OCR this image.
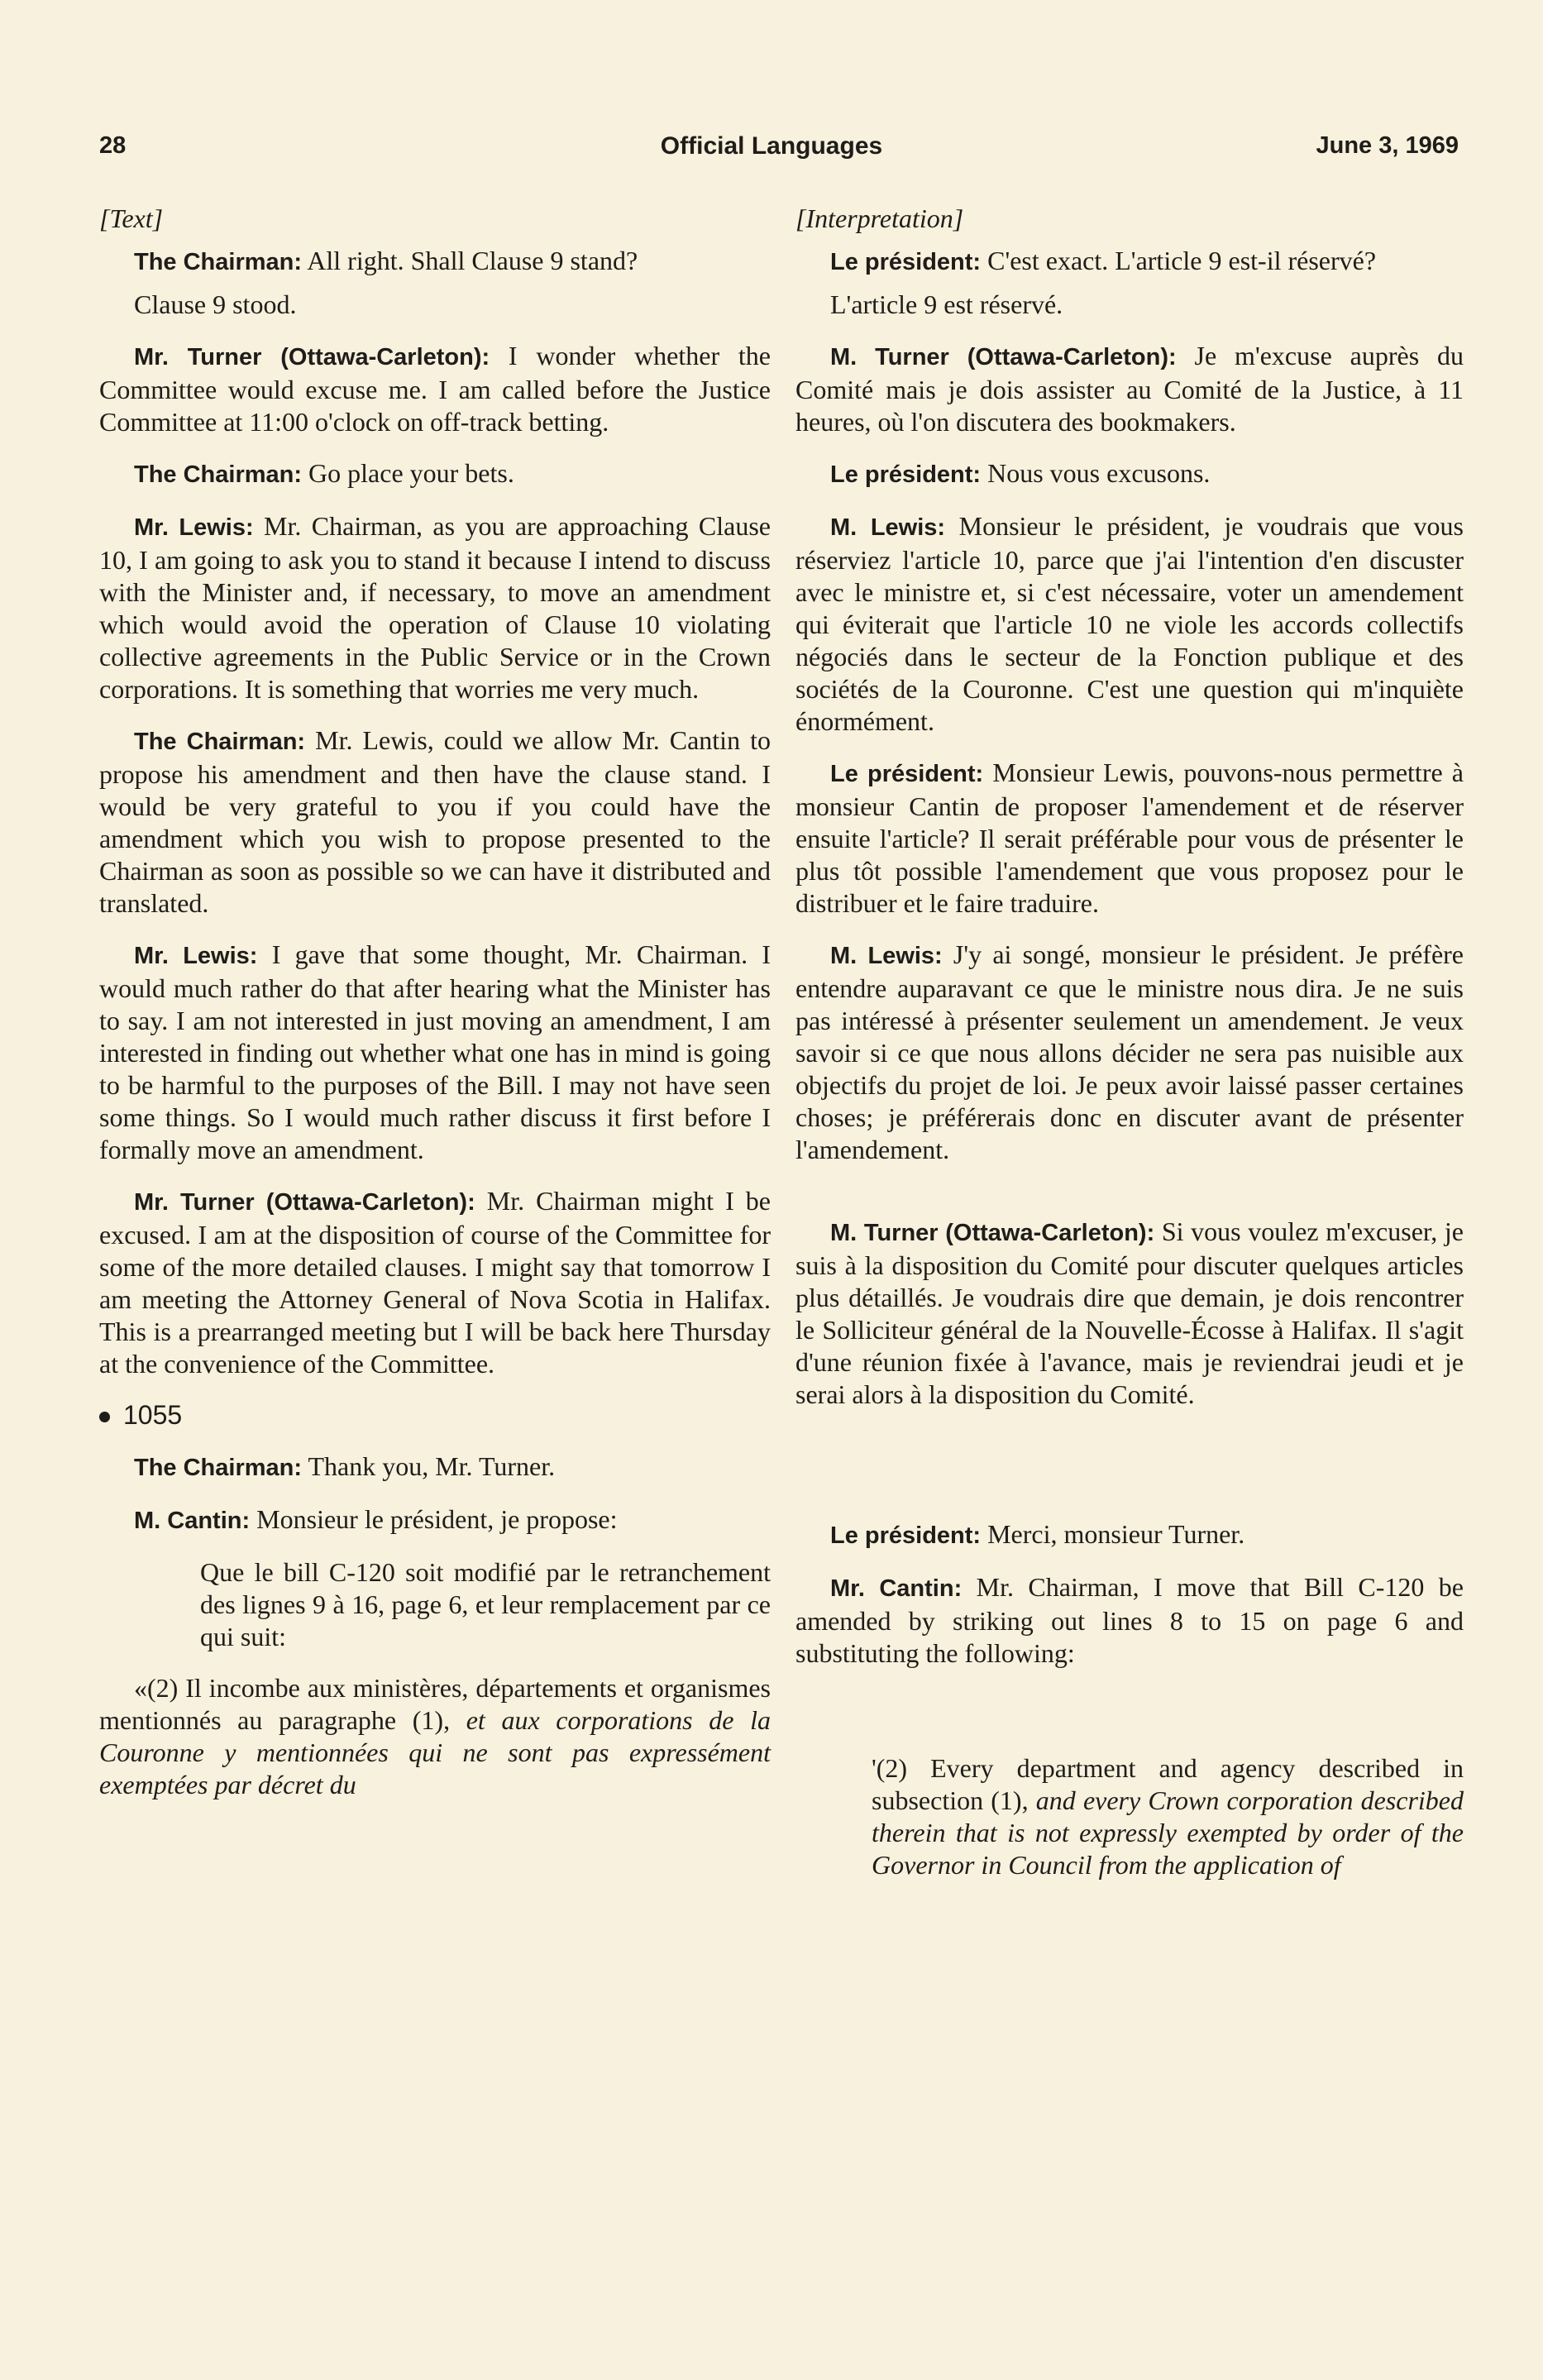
28	Official Languages	June 3, 1969

[Text]

The Chairman: All right. Shall Clause 9 stand?

Clause 9 stood.

Mr. Turner (Ottawa-Carleton): I wonder whether the Committee would excuse me. I am called before the Justice Committee at 11:00 o'clock on off-track betting.

The Chairman: Go place your bets.

Mr. Lewis: Mr. Chairman, as you are approaching Clause 10, I am going to ask you to stand it because I intend to discuss with the Minister and, if necessary, to move an amendment which would avoid the operation of Clause 10 violating collective agreements in the Public Service or in the Crown corporations. It is something that worries me very much.

The Chairman: Mr. Lewis, could we allow Mr. Cantin to propose his amendment and then have the clause stand. I would be very grateful to you if you could have the amendment which you wish to propose presented to the Chairman as soon as possible so we can have it distributed and translated.

Mr. Lewis: I gave that some thought, Mr. Chairman. I would much rather do that after hearing what the Minister has to say. I am not interested in just moving an amendment, I am interested in finding out whether what one has in mind is going to be harmful to the purposes of the Bill. I may not have seen some things. So I would much rather discuss it first before I formally move an amendment.

Mr. Turner (Ottawa-Carleton): Mr. Chairman might I be excused. I am at the disposition of course of the Committee for some of the more detailed clauses. I might say that tomorrow I am meeting the Attorney General of Nova Scotia in Halifax. This is a prearranged meeting but I will be back here Thursday at the convenience of the Committee.

1055

The Chairman: Thank you, Mr. Turner.

M. Cantin: Monsieur le président, je propose:

Que le bill C-120 soit modifié par le retranchement des lignes 9 à 16, page 6, et leur remplacement par ce qui suit:

«(2) Il incombe aux ministères, départements et organismes mentionnés au paragraphe (1), et aux corporations de la Couronne y mentionnées qui ne sont pas expressément exemptées par décret du

[Interpretation]

Le président: C'est exact. L'article 9 est-il réservé?

L'article 9 est réservé.

M. Turner (Ottawa-Carleton): Je m'excuse auprès du Comité mais je dois assister au Comité de la Justice, à 11 heures, où l'on discutera des bookmakers.

Le président: Nous vous excusons.

M. Lewis: Monsieur le président, je voudrais que vous réserviez l'article 10, parce que j'ai l'intention d'en discuster avec le ministre et, si c'est nécessaire, voter un amendement qui éviterait que l'article 10 ne viole les accords collectifs négociés dans le secteur de la Fonction publique et des sociétés de la Couronne. C'est une question qui m'inquiète énormément.

Le président: Monsieur Lewis, pouvons-nous permettre à monsieur Cantin de proposer l'amendement et de réserver ensuite l'article? Il serait préférable pour vous de présenter le plus tôt possible l'amendement que vous proposez pour le distribuer et le faire traduire.

M. Lewis: J'y ai songé, monsieur le président. Je préfère entendre auparavant ce que le ministre nous dira. Je ne suis pas intéressé à présenter seulement un amendement. Je veux savoir si ce que nous allons décider ne sera pas nuisible aux objectifs du projet de loi. Je peux avoir laissé passer certaines choses; je préférerais donc en discuter avant de présenter l'amendement.

M. Turner (Ottawa-Carleton): Si vous voulez m'excuser, je suis à la disposition du Comité pour discuter quelques articles plus détaillés. Je voudrais dire que demain, je dois rencontrer le Solliciteur général de la Nouvelle-Écosse à Halifax. Il s'agit d'une réunion fixée à l'avance, mais je reviendrai jeudi et je serai alors à la disposition du Comité.

Le président: Merci, monsieur Turner.

Mr. Cantin: Mr. Chairman, I move that Bill C-120 be amended by striking out lines 8 to 15 on page 6 and substituting the following:

'(2) Every department and agency described in subsection (1), and every Crown corporation described therein that is not expressly exempted by order of the Governor in Council from the application of
